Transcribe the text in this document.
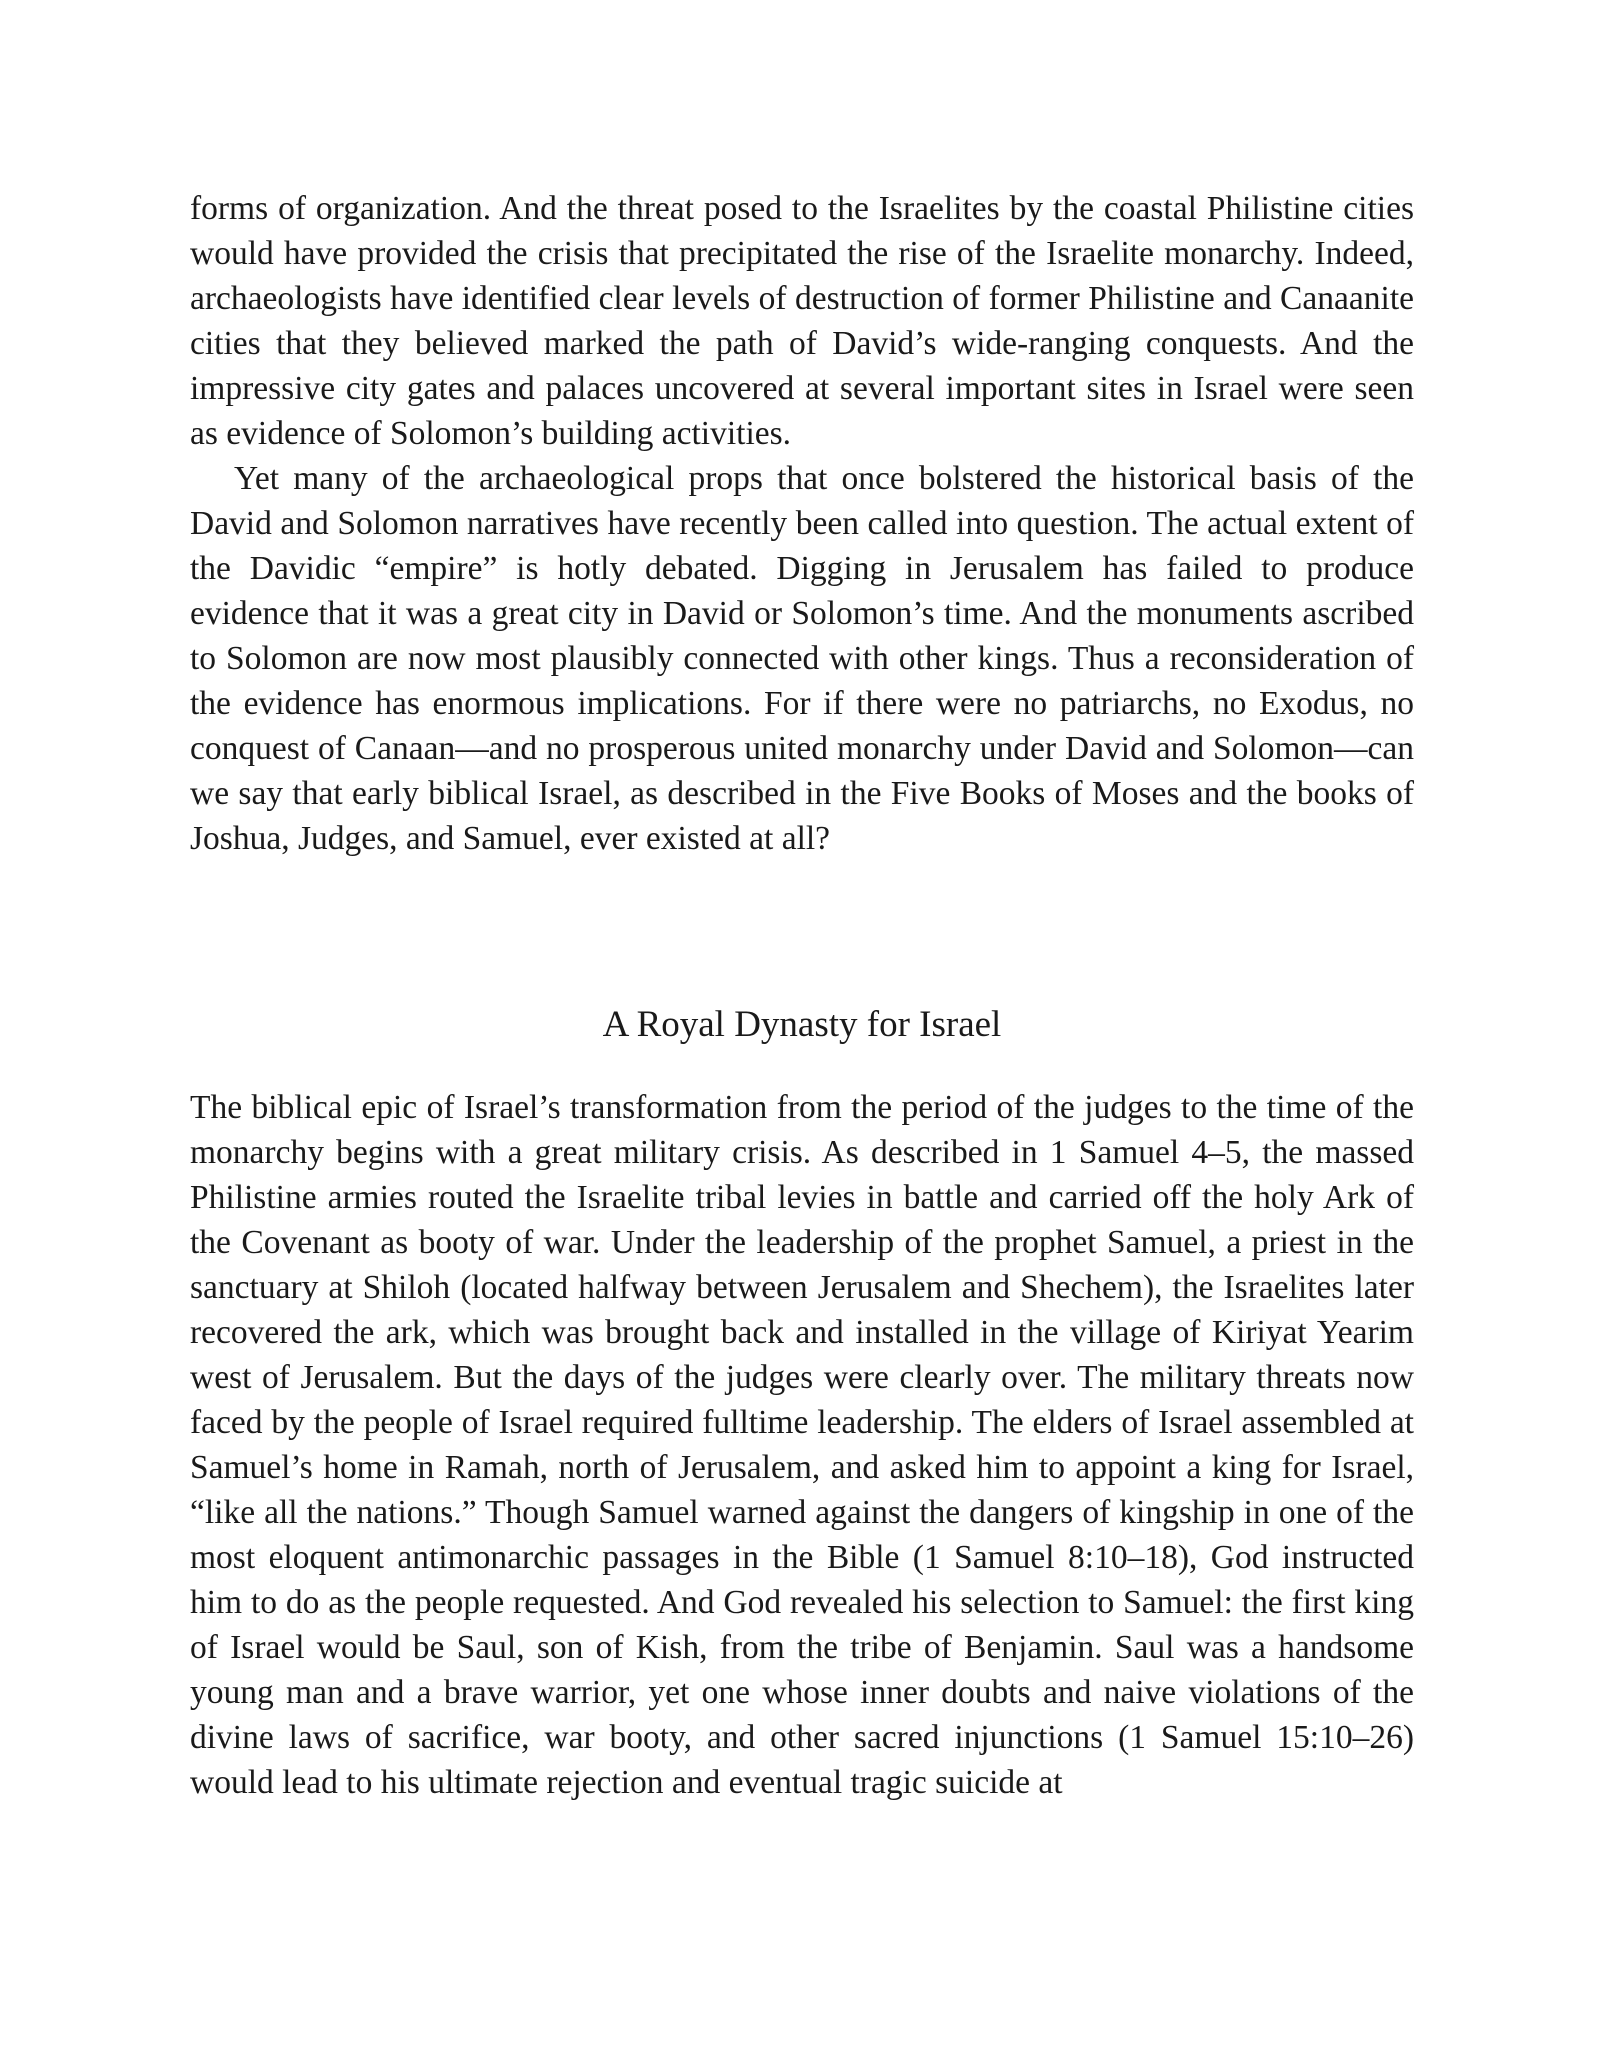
forms of organization. And the threat posed to the Israelites by the coastal Philistine cities would have provided the crisis that precipitated the rise of the Israelite monarchy. Indeed, archaeologists have identified clear levels of destruction of former Philistine and Canaanite cities that they believed marked the path of David’s wide-ranging conquests. And the impressive city gates and palaces uncovered at several important sites in Israel were seen as evidence of Solomon’s building activities.

Yet many of the archaeological props that once bolstered the historical basis of the David and Solomon narratives have recently been called into question. The actual extent of the Davidic “empire” is hotly debated. Digging in Jerusalem has failed to produce evidence that it was a great city in David or Solomon’s time. And the monuments ascribed to Solomon are now most plausibly connected with other kings. Thus a reconsideration of the evidence has enormous implications. For if there were no patriarchs, no Exodus, no conquest of Canaan—and no prosperous united monarchy under David and Solomon—can we say that early biblical Israel, as described in the Five Books of Moses and the books of Joshua, Judges, and Samuel, ever existed at all?

A Royal Dynasty for Israel

The biblical epic of Israel’s transformation from the period of the judges to the time of the monarchy begins with a great military crisis. As described in 1 Samuel 4–5, the massed Philistine armies routed the Israelite tribal levies in battle and carried off the holy Ark of the Covenant as booty of war. Under the leadership of the prophet Samuel, a priest in the sanctuary at Shiloh (located halfway between Jerusalem and Shechem), the Israelites later recovered the ark, which was brought back and installed in the village of Kiriyat Yearim west of Jerusalem. But the days of the judges were clearly over. The military threats now faced by the people of Israel required fulltime leadership. The elders of Israel assembled at Samuel’s home in Ramah, north of Jerusalem, and asked him to appoint a king for Israel, “like all the nations.” Though Samuel warned against the dangers of kingship in one of the most eloquent antimonarchic passages in the Bible (1 Samuel 8:10–18), God instructed him to do as the people requested. And God revealed his selection to Samuel: the first king of Israel would be Saul, son of Kish, from the tribe of Benjamin. Saul was a handsome young man and a brave warrior, yet one whose inner doubts and naive violations of the divine laws of sacrifice, war booty, and other sacred injunctions (1 Samuel 15:10–26) would lead to his ultimate rejection and eventual tragic suicide at
